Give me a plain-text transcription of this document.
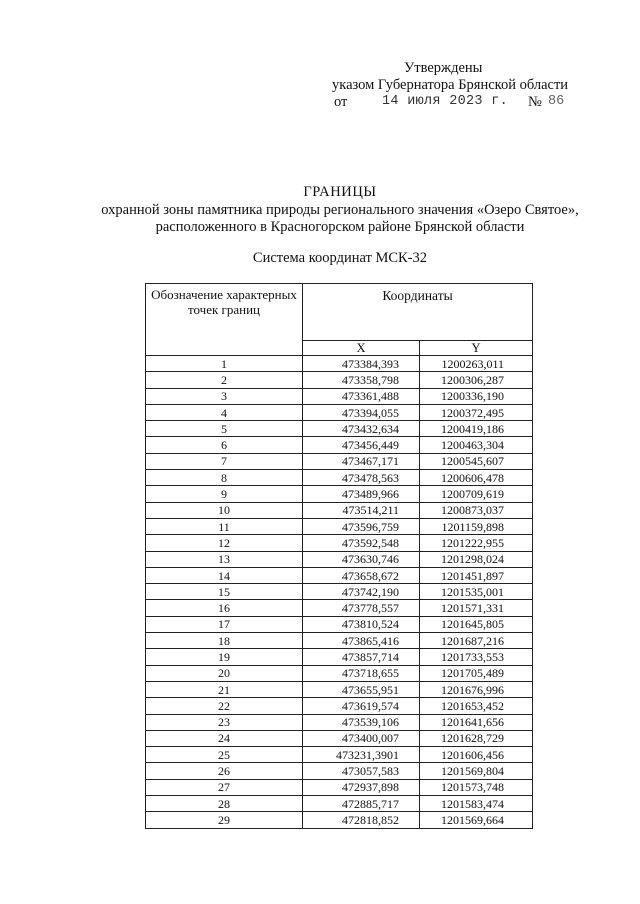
Утверждены
указом Губернатора Брянской области
от	14 июля 2023 г. № 86
ГРАНИЦЫ
охранной зоны памятника природы регионального значения «Озеро Святое»,
расположенного в Красногорском районе Брянской области
Система координат МСК-32
Обозначение характерных точек границ	Координаты	
	X	Y
1	473384,393	1200263,011
2	473358,798	1200306,287
3	473361,488	1200336,190
4	473394,055	1200372,495
5	473432,634	1200419,186
6	473456,449	1200463,304
7	473467,171	1200545,607
8	473478,563	1200606,478
9	473489,966	1200709,619
10	473514,211	1200873,037
11	473596,759	1201159,898
12	473592,548	1201222,955
13	473630,746	1201298,024
14	473658,672	1201451,897
15	473742,190	1201535,001
16	473778,557	1201571,331
17	473810,524	1201645,805
18	473865,416	1201687,216
19	473857,714	1201733,553
20	473718,655	1201705,489
21	473655,951	1201676,996
22	473619,574	1201653,452
23	473539,106	1201641,656
24	473400,007	1201628,729
25	473231,3901	1201606,456
26	473057,583	1201569,804
27	472937,898	1201573,748
28	472885,717	1201583,474
29	472818,852	1201569,664
